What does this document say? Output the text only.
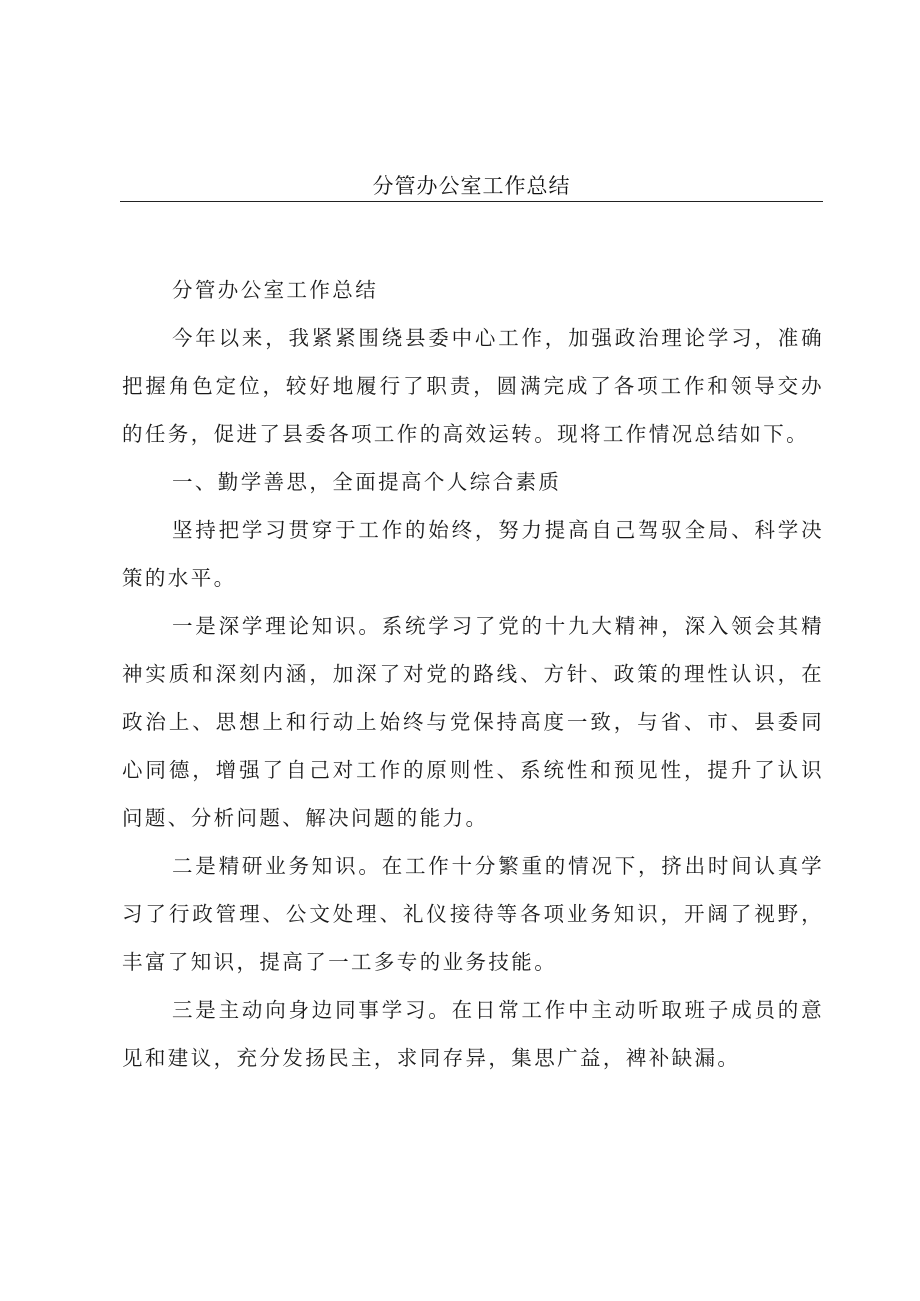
分管办公室工作总结

分管办公室工作总结

今年以来，我紧紧围绕县委中心工作，加强政治理论学习，准确把握角色定位，较好地履行了职责，圆满完成了各项工作和领导交办的任务，促进了县委各项工作的高效运转。现将工作情况总结如下。

一、勤学善思，全面提高个人综合素质

坚持把学习贯穿于工作的始终，努力提高自己驾驭全局、科学决策的水平。

一是深学理论知识。系统学习了党的十九大精神，深入领会其精神实质和深刻内涵，加深了对党的路线、方针、政策的理性认识，在政治上、思想上和行动上始终与党保持高度一致，与省、市、县委同心同德，增强了自己对工作的原则性、系统性和预见性，提升了认识问题、分析问题、解决问题的能力。

二是精研业务知识。在工作十分繁重的情况下，挤出时间认真学习了行政管理、公文处理、礼仪接待等各项业务知识，开阔了视野，丰富了知识，提高了一工多专的业务技能。

三是主动向身边同事学习。在日常工作中主动听取班子成员的意见和建议，充分发扬民主，求同存异，集思广益，裨补缺漏。
